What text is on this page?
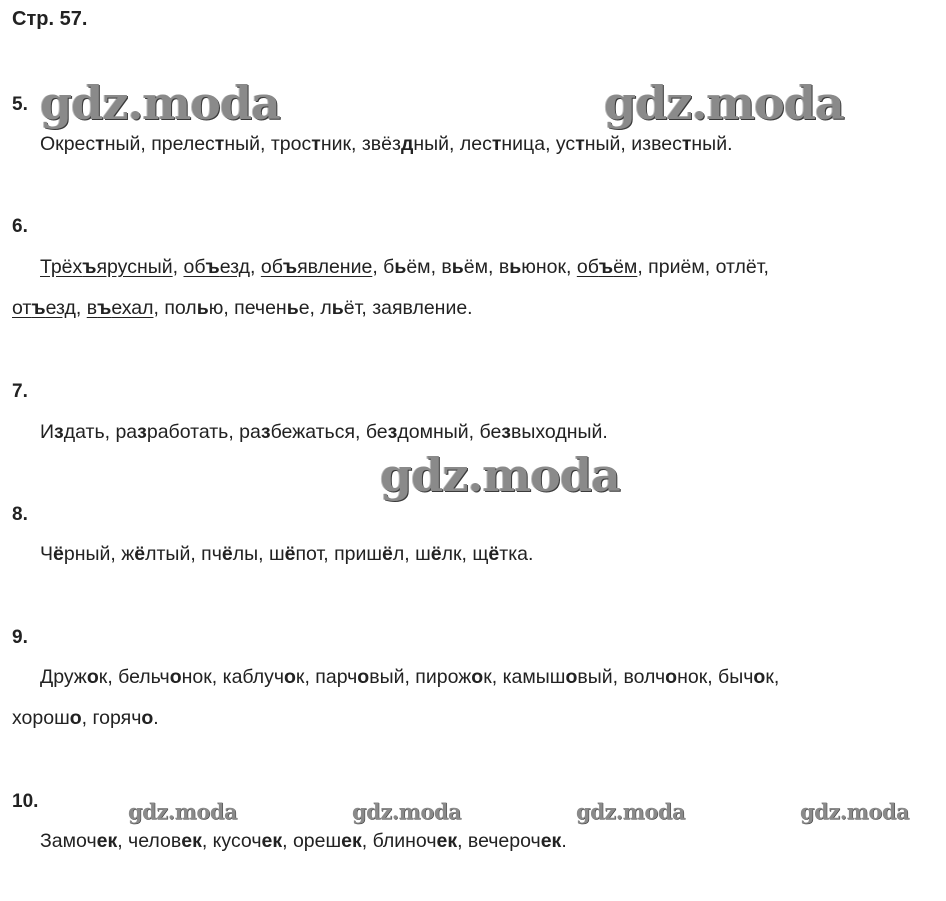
Стр. 57.
gdz.moda	gdz.moda
gdz.moda
gdz.moda	gdz.moda	gdz.moda	gdz.moda
5.
Окрестный, прелестный, тростник, звёздный, лестница, устный, известный.
6.
Трёхъярусный, объезд, объявление, бьём, вьём, вьюнок, объём, приём, отлёт,
отъезд, въехал, полью, печенье, льёт, заявление.
7.
Издать, разработать, разбежаться, бездомный, безвыходный.
8.
Чёрный, жёлтый, пчёлы, шёпот, пришёл, шёлк, щётка.
9.
Дружок, бельчонок, каблучок, парчовый, пирожок, камышовый, волчонок, бычок,
хорошо, горячо.
10.
Замочек, человек, кусочек, орешек, блиночек, вечерочек.
